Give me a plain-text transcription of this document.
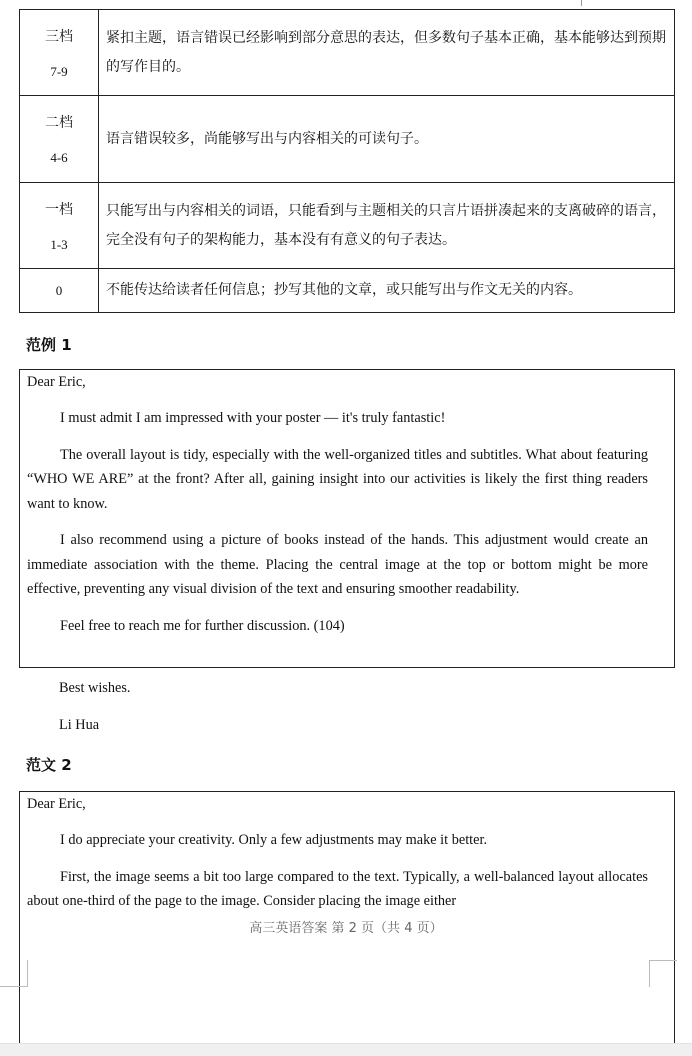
三档
7-9	紧扣主题，语言错误已经影响到部分意思的表达，但多数句子基本正确，基本能够达到预期的写作目的。

二档
4-6	语言错误较多，尚能够写出与内容相关的可读句子。

一档
1-3	只能写出与内容相关的词语，只能看到与主题相关的只言片语拼凑起来的支离破碎的语言，完全没有句子的架构能力，基本没有有意义的句子表达。
0	不能传达给读者任何信息；抄写其他的文章，或只能写出与作文无关的内容。
范例 1
Dear Eric,
I must admit I am impressed with your poster — it's truly fantastic!
The overall layout is tidy, especially with the well-organized titles and subtitles. What about featuring “WHO WE ARE” at the front? After all, gaining insight into our activities is likely the first thing readers want to know.
I also recommend using a picture of books instead of the hands. This adjustment would create an immediate association with the theme. Placing the central image at the top or bottom might be more effective, preventing any visual division of the text and ensuring smoother readability.
Feel free to reach me for further discussion. (104)
Best wishes.
Li Hua
范文 2
Dear Eric,
I do appreciate your creativity. Only a few adjustments may make it better.
First, the image seems a bit too large compared to the text. Typically, a well-balanced layout allocates about one-third of the page to the image. Consider placing the image either
高三英语答案 第 2 页（共 4 页）
